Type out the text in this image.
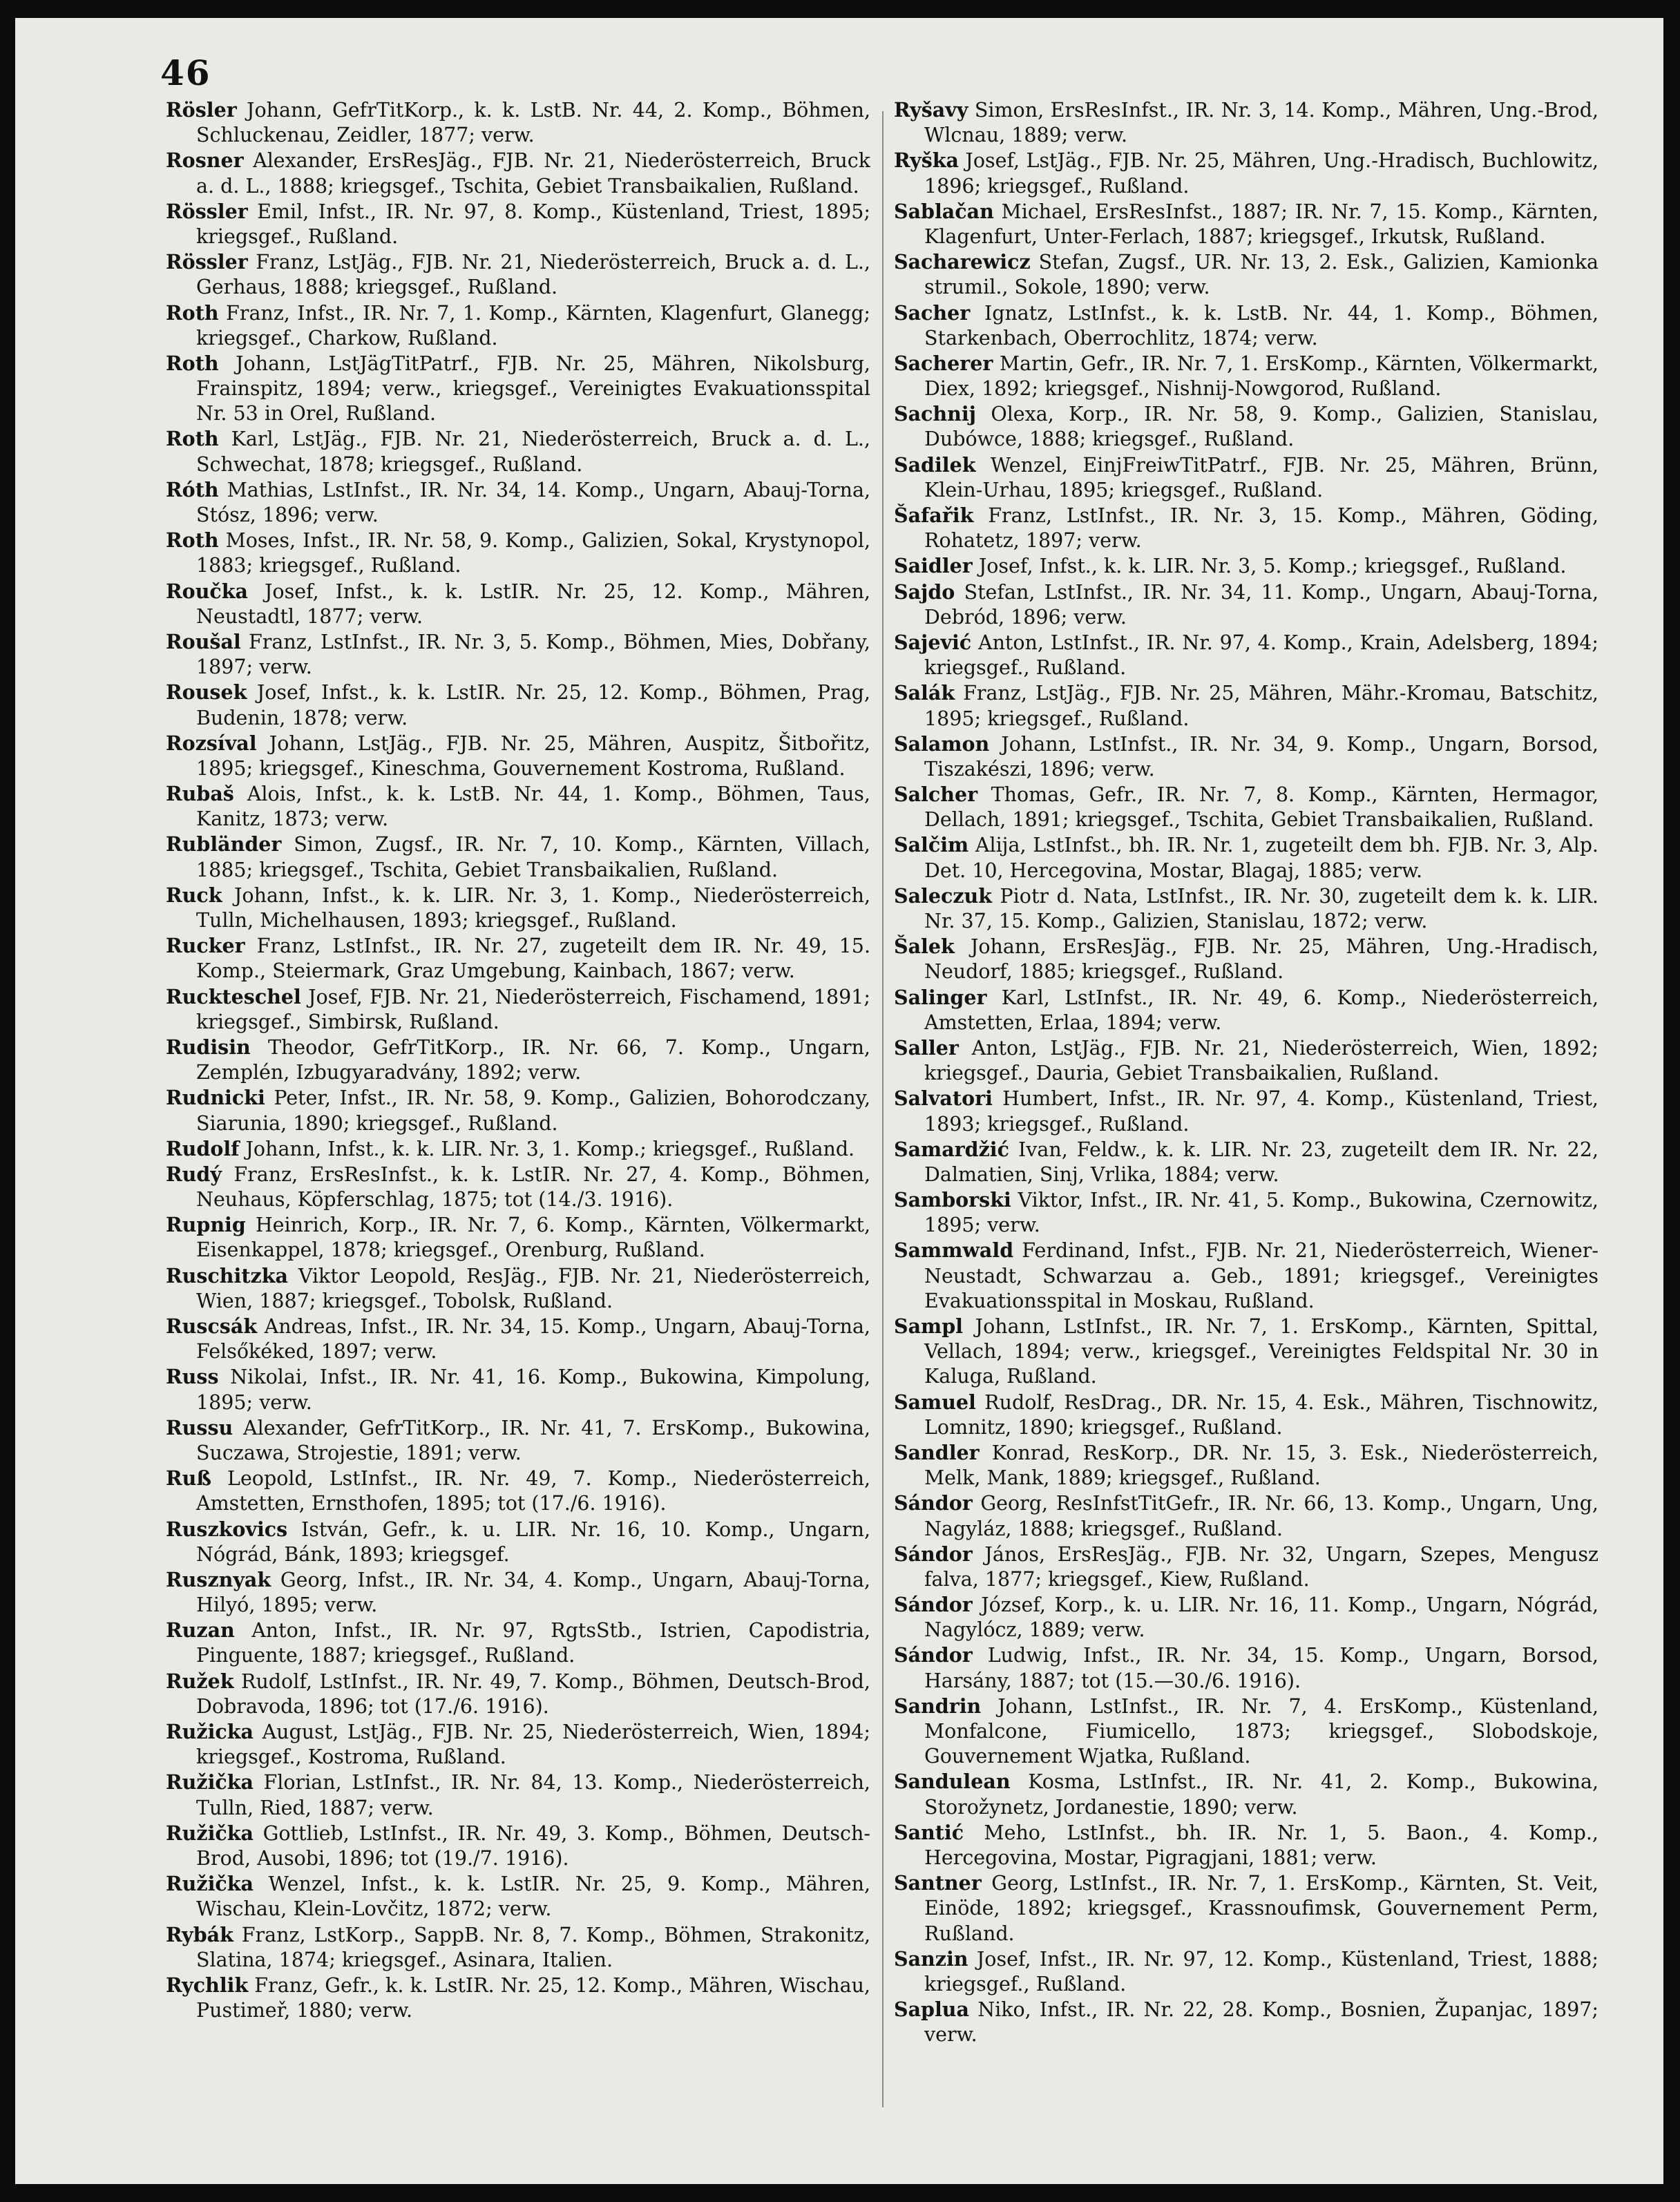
46

Rösler Johann, GefrTitKorp., k. k. LstB. Nr. 44, 2. Komp., Böhmen, Schluckenau, Zeidler, 1877; verw.

Rosner Alexander, ErsResJäg., FJB. Nr. 21, Niederösterreich, Bruck a. d. L., 1888; kriegsgef., Tschita, Gebiet Transbaikalien, Rußland.

Rössler Emil, Infst., IR. Nr. 97, 8. Komp., Küstenland, Triest, 1895; kriegsgef., Rußland.

Rössler Franz, LstJäg., FJB. Nr. 21, Niederösterreich, Bruck a. d. L., Gerhaus, 1888; kriegsgef., Rußland.

Roth Franz, Infst., IR. Nr. 7, 1. Komp., Kärnten, Klagenfurt, Glanegg; kriegsgef., Charkow, Rußland.

Roth Johann, LstJägTitPatrf., FJB. Nr. 25, Mähren, Nikolsburg, Frainspitz, 1894; verw., kriegsgef., Vereinigtes Evakuationsspital Nr. 53 in Orel, Rußland.

Roth Karl, LstJäg., FJB. Nr. 21, Niederösterreich, Bruck a. d. L., Schwechat, 1878; kriegsgef., Rußland.

Róth Mathias, LstInfst., IR. Nr. 34, 14. Komp., Ungarn, Abauj-Torna, Stósz, 1896; verw.

Roth Moses, Infst., IR. Nr. 58, 9. Komp., Galizien, Sokal, Krystynopol, 1883; kriegsgef., Rußland.

Roučka Josef, Infst., k. k. LstIR. Nr. 25, 12. Komp., Mähren, Neustadtl, 1877; verw.

Roušal Franz, LstInfst., IR. Nr. 3, 5. Komp., Böhmen, Mies, Dobřany, 1897; verw.

Rousek Josef, Infst., k. k. LstIR. Nr. 25, 12. Komp., Böhmen, Prag, Budenin, 1878; verw.

Rozsíval Johann, LstJäg., FJB. Nr. 25, Mähren, Auspitz, Šitbořitz, 1895; kriegsgef., Kineschma, Gouvernement Kostroma, Rußland.

Rubaš Alois, Infst., k. k. LstB. Nr. 44, 1. Komp., Böhmen, Taus, Kanitz, 1873; verw.

Rubländer Simon, Zugsf., IR. Nr. 7, 10. Komp., Kärnten, Villach, 1885; kriegsgef., Tschita, Gebiet Transbaikalien, Rußland.

Ruck Johann, Infst., k. k. LIR. Nr. 3, 1. Komp., Niederösterreich, Tulln, Michelhausen, 1893; kriegsgef., Rußland.

Rucker Franz, LstInfst., IR. Nr. 27, zugeteilt dem IR. Nr. 49, 15. Komp., Steiermark, Graz Umgebung, Kainbach, 1867; verw.

Ruckteschel Josef, FJB. Nr. 21, Niederösterreich, Fischamend, 1891; kriegsgef., Simbirsk, Rußland.

Rudisin Theodor, GefrTitKorp., IR. Nr. 66, 7. Komp., Ungarn, Zemplén, Izbugyaradvány, 1892; verw.

Rudnicki Peter, Infst., IR. Nr. 58, 9. Komp., Galizien, Bohorodczany, Siarunia, 1890; kriegsgef., Rußland.

Rudolf Johann, Infst., k. k. LIR. Nr. 3, 1. Komp.; kriegsgef., Rußland.

Rudý Franz, ErsResInfst., k. k. LstIR. Nr. 27, 4. Komp., Böhmen, Neuhaus, Köpferschlag, 1875; tot (14./3. 1916).

Rupnig Heinrich, Korp., IR. Nr. 7, 6. Komp., Kärnten, Völkermarkt, Eisenkappel, 1878; kriegsgef., Orenburg, Rußland.

Ruschitzka Viktor Leopold, ResJäg., FJB. Nr. 21, Niederösterreich, Wien, 1887; kriegsgef., Tobolsk, Rußland.

Ruscsák Andreas, Infst., IR. Nr. 34, 15. Komp., Ungarn, Abauj-Torna, Felsőkéked, 1897; verw.

Russ Nikolai, Infst., IR. Nr. 41, 16. Komp., Bukowina, Kimpolung, 1895; verw.

Russu Alexander, GefrTitKorp., IR. Nr. 41, 7. ErsKomp., Bukowina, Suczawa, Strojestie, 1891; verw.

Ruß Leopold, LstInfst., IR. Nr. 49, 7. Komp., Niederösterreich, Amstetten, Ernsthofen, 1895; tot (17./6. 1916).

Ruszkovics István, Gefr., k. u. LIR. Nr. 16, 10. Komp., Ungarn, Nógrád, Bánk, 1893; kriegsgef.

Rusznyak Georg, Infst., IR. Nr. 34, 4. Komp., Ungarn, Abauj-Torna, Hilyó, 1895; verw.

Ruzan Anton, Infst., IR. Nr. 97, RgtsStb., Istrien, Capodistria, Pinguente, 1887; kriegsgef., Rußland.

Ružek Rudolf, LstInfst., IR. Nr. 49, 7. Komp., Böhmen, Deutsch-Brod, Dobravoda, 1896; tot (17./6. 1916).

Ružicka August, LstJäg., FJB. Nr. 25, Niederösterreich, Wien, 1894; kriegsgef., Kostroma, Rußland.

Ružička Florian, LstInfst., IR. Nr. 84, 13. Komp., Niederösterreich, Tulln, Ried, 1887; verw.

Ružička Gottlieb, LstInfst., IR. Nr. 49, 3. Komp., Böhmen, Deutsch-Brod, Ausobi, 1896; tot (19./7. 1916).

Ružička Wenzel, Infst., k. k. LstIR. Nr. 25, 9. Komp., Mähren, Wischau, Klein-Lovčitz, 1872; verw.

Rybák Franz, LstKorp., SappB. Nr. 8, 7. Komp., Böhmen, Strakonitz, Slatina, 1874; kriegsgef., Asinara, Italien.

Rychlik Franz, Gefr., k. k. LstIR. Nr. 25, 12. Komp., Mähren, Wischau, Pustimeř, 1880; verw.

Ryšavy Simon, ErsResInfst., IR. Nr. 3, 14. Komp., Mähren, Ung.-Brod, Wlcnau, 1889; verw.

Ryška Josef, LstJäg., FJB. Nr. 25, Mähren, Ung.-Hradisch, Buchlowitz, 1896; kriegsgef., Rußland.

Sablačan Michael, ErsResInfst., 1887; IR. Nr. 7, 15. Komp., Kärnten, Klagenfurt, Unter-Ferlach, 1887; kriegsgef., Irkutsk, Rußland.

Sacharewicz Stefan, Zugsf., UR. Nr. 13, 2. Esk., Galizien, Kamionka strumil., Sokole, 1890; verw.

Sacher Ignatz, LstInfst., k. k. LstB. Nr. 44, 1. Komp., Böhmen, Starkenbach, Oberrochlitz, 1874; verw.

Sacherer Martin, Gefr., IR. Nr. 7, 1. ErsKomp., Kärnten, Völkermarkt, Diex, 1892; kriegsgef., Nishnij-Nowgorod, Rußland.

Sachnij Olexa, Korp., IR. Nr. 58, 9. Komp., Galizien, Stanislau, Dubówce, 1888; kriegsgef., Rußland.

Sadilek Wenzel, EinjFreiwTitPatrf., FJB. Nr. 25, Mähren, Brünn, Klein-Urhau, 1895; kriegsgef., Rußland.

Šafařik Franz, LstInfst., IR. Nr. 3, 15. Komp., Mähren, Göding, Rohatetz, 1897; verw.

Saidler Josef, Infst., k. k. LIR. Nr. 3, 5. Komp.; kriegsgef., Rußland.

Sajdo Stefan, LstInfst., IR. Nr. 34, 11. Komp., Ungarn, Abauj-Torna, Debród, 1896; verw.

Sajević Anton, LstInfst., IR. Nr. 97, 4. Komp., Krain, Adelsberg, 1894; kriegsgef., Rußland.

Salák Franz, LstJäg., FJB. Nr. 25, Mähren, Mähr.-Kromau, Batschitz, 1895; kriegsgef., Rußland.

Salamon Johann, LstInfst., IR. Nr. 34, 9. Komp., Ungarn, Borsod, Tiszakészi, 1896; verw.

Salcher Thomas, Gefr., IR. Nr. 7, 8. Komp., Kärnten, Hermagor, Dellach, 1891; kriegsgef., Tschita, Gebiet Transbaikalien, Rußland.

Salčim Alija, LstInfst., bh. IR. Nr. 1, zugeteilt dem bh. FJB. Nr. 3, Alp. Det. 10, Hercegovina, Mostar, Blagaj, 1885; verw.

Saleczuk Piotr d. Nata, LstInfst., IR. Nr. 30, zugeteilt dem k. k. LIR. Nr. 37, 15. Komp., Galizien, Stanislau, 1872; verw.

Šalek Johann, ErsResJäg., FJB. Nr. 25, Mähren, Ung.-Hradisch, Neudorf, 1885; kriegsgef., Rußland.

Salinger Karl, LstInfst., IR. Nr. 49, 6. Komp., Niederösterreich, Amstetten, Erlaa, 1894; verw.

Saller Anton, LstJäg., FJB. Nr. 21, Niederösterreich, Wien, 1892; kriegsgef., Dauria, Gebiet Transbaikalien, Rußland.

Salvatori Humbert, Infst., IR. Nr. 97, 4. Komp., Küstenland, Triest, 1893; kriegsgef., Rußland.

Samardžić Ivan, Feldw., k. k. LIR. Nr. 23, zugeteilt dem IR. Nr. 22, Dalmatien, Sinj, Vrlika, 1884; verw.

Samborski Viktor, Infst., IR. Nr. 41, 5. Komp., Bukowina, Czernowitz, 1895; verw.

Sammwald Ferdinand, Infst., FJB. Nr. 21, Niederösterreich, Wiener-Neustadt, Schwarzau a. Geb., 1891; kriegsgef., Vereinigtes Evakuationsspital in Moskau, Rußland.

Sampl Johann, LstInfst., IR. Nr. 7, 1. ErsKomp., Kärnten, Spittal, Vellach, 1894; verw., kriegsgef., Vereinigtes Feldspital Nr. 30 in Kaluga, Rußland.

Samuel Rudolf, ResDrag., DR. Nr. 15, 4. Esk., Mähren, Tischnowitz, Lomnitz, 1890; kriegsgef., Rußland.

Sandler Konrad, ResKorp., DR. Nr. 15, 3. Esk., Niederösterreich, Melk, Mank, 1889; kriegsgef., Rußland.

Sándor Georg, ResInfstTitGefr., IR. Nr. 66, 13. Komp., Ungarn, Ung, Nagyláz, 1888; kriegsgef., Rußland.

Sándor János, ErsResJäg., FJB. Nr. 32, Ungarn, Szepes, Mengusz falva, 1877; kriegsgef., Kiew, Rußland.

Sándor József, Korp., k. u. LIR. Nr. 16, 11. Komp., Ungarn, Nógrád, Nagylócz, 1889; verw.

Sándor Ludwig, Infst., IR. Nr. 34, 15. Komp., Ungarn, Borsod, Harsány, 1887; tot (15.—30./6. 1916).

Sandrin Johann, LstInfst., IR. Nr. 7, 4. ErsKomp., Küstenland, Monfalcone, Fiumicello, 1873; kriegsgef., Slobodskoje, Gouvernement Wjatka, Rußland.

Sandulean Kosma, LstInfst., IR. Nr. 41, 2. Komp., Bukowina, Storožynetz, Jordanestie, 1890; verw.

Santić Meho, LstInfst., bh. IR. Nr. 1, 5. Baon., 4. Komp., Hercegovina, Mostar, Pigragjani, 1881; verw.

Santner Georg, LstInfst., IR. Nr. 7, 1. ErsKomp., Kärnten, St. Veit, Einöde, 1892; kriegsgef., Krassnoufimsk, Gouvernement Perm, Rußland.

Sanzin Josef, Infst., IR. Nr. 97, 12. Komp., Küstenland, Triest, 1888; kriegsgef., Rußland.

Saplua Niko, Infst., IR. Nr. 22, 28. Komp., Bosnien, Županjac, 1897; verw.
